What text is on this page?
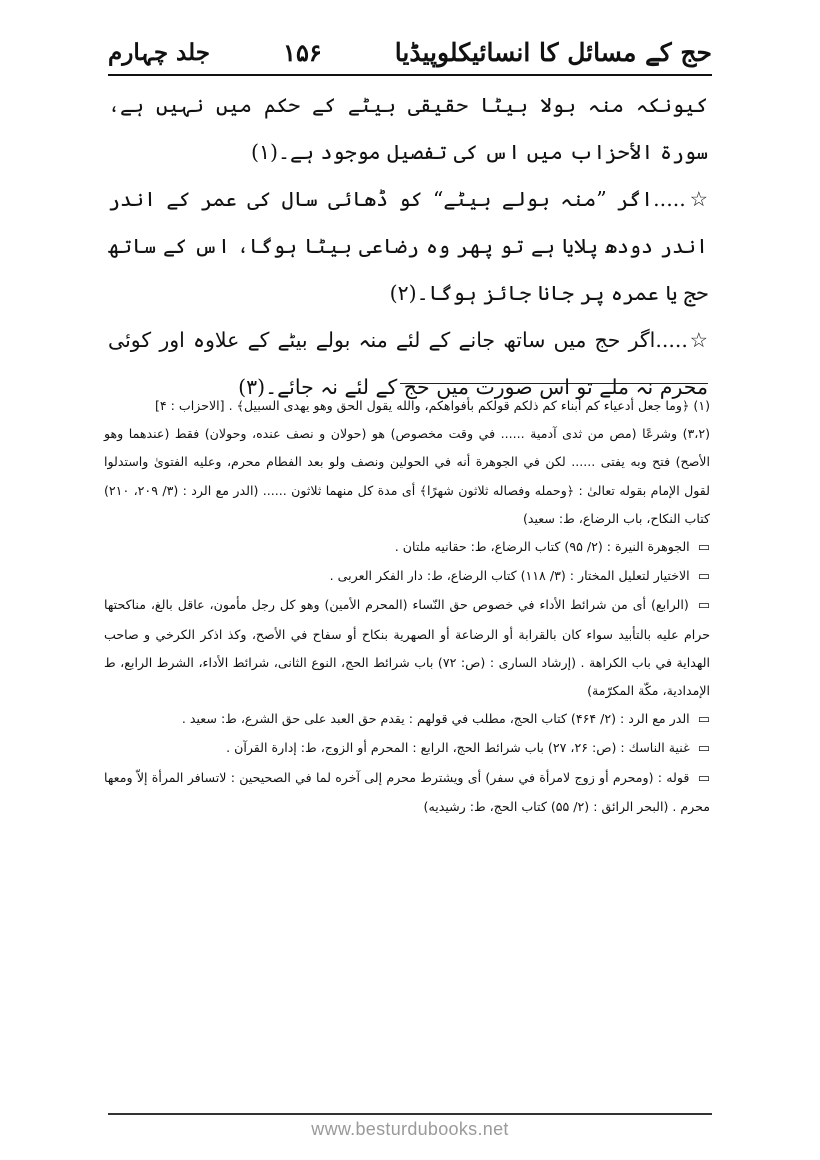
حج کے مسائل کا انسائیکلوپیڈیا
۱۵۶
جلد چہارم

کیونکہ منہ بولا بیٹا حقیقی بیٹے کے حکم میں نہیں ہے، سورۃ الأحزاب میں اس کی تفصیل موجود ہے۔(۱)

☆.....اگر ”منہ بولے بیٹے“ کو ڈھائی سال کی عمر کے اندر اندر دودھ پلایا ہے تو پھر وہ رضاعی بیٹا ہوگا، اس کے ساتھ حج یا عمرہ پر جانا جائز ہوگا۔(۲)

☆.....اگر حج میں ساتھ جانے کے لئے منہ بولے بیٹے کے علاوہ اور کوئی محرم نہ ملے تو اس صورت میں حج کے لئے نہ جائے۔(۳)

(۱) ﴿وما جعل أدعياء كم أبناء كم ذلكم قولكم بأفواهكم، والله يقول الحق وهو يهدى السبيل﴾ . [الاحزاب : ۴]

(۳،۲) وشرعًا (مص من ثدى آدمية ...... في وقت مخصوص) هو (حولان و نصف عنده، وحولان) فقط (عندهما وهو الأصح) فتح وبه يفتى ...... لكن في الجوهرة أنه في الحولين ونصف ولو بعد الفطام محرم، وعليه الفتوىٰ واستدلوا لقول الإمام بقوله تعالىٰ : ﴿وحمله وفصاله ثلاثون شهرًا﴾ أى مدة كل منهما ثلاثون ...... (الدر مع الرد : (۳/ ۲۰۹، ۲۱۰) كتاب النكاح، باب الرضاع، ط: سعيد)

▭ الجوهرة النيرة : (۲/ ۹۵) كتاب الرضاع، ط: حقانيه ملتان .

▭ الاختيار لتعليل المختار : (۳/ ۱۱۸) كتاب الرضاع، ط: دار الفكر العربى .

▭ (الرابع) أى من شرائط الأداء في خصوص حق النّساء (المحرم الأمين) وهو كل رجل مأمون، عاقل بالغ، مناكحتها حرام عليه بالتأبيد سواء كان بالقرابة أو الرضاعة أو الصهرية بنكاح أو سفاح في الأصح، وكذ اذكر الكرخي و صاحب الهداية في باب الكراهة . (إرشاد السارى : (ص: ۷۲) باب شرائط الحج، النوع الثانى، شرائط الأداء، الشرط الرابع، ط الإمدادية، مكّة المكرّمة)

▭ الدر مع الرد : (۲/ ۴۶۴) كتاب الحج، مطلب في قولهم : يقدم حق العبد على حق الشرع، ط: سعيد .

▭ غنية الناسك : (ص: ۲۶، ۲۷) باب شرائط الحج، الرابع : المحرم أو الزوج، ط: إدارة القرآن .

▭ قوله : (ومحرم أو زوج لامرأة في سفر) أى ويشترط محرم إلى آخره لما في الصحيحين : لاتسافر المرأة إلاّ ومعها محرم . (البحر الرائق : (۲/ ۵۵) كتاب الحج، ط: رشيديه)

www.besturdubooks.net
